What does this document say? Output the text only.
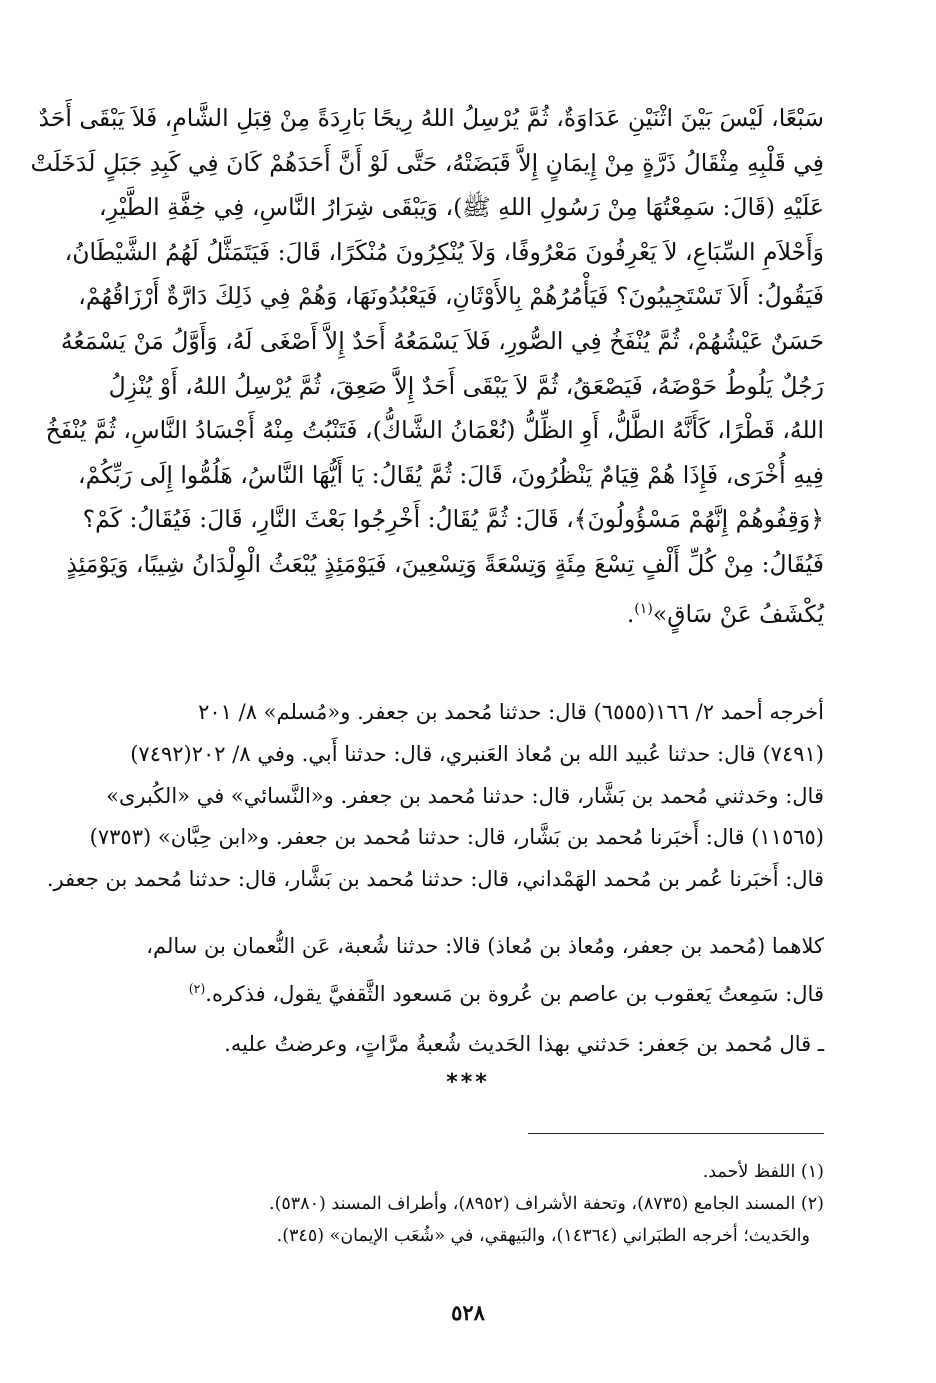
سَبْعًا، لَيْسَ بَيْنَ اثْنَيْنِ عَدَاوَةٌ، ثُمَّ يُرْسِلُ اللهُ رِيحًا بَارِدَةً مِنْ قِبَلِ الشَّامِ، فَلاَ يَبْقَى أَحَدٌ
فِي قَلْبِهِ مِثْقَالُ ذَرَّةٍ مِنْ إِيمَانٍ إِلاَّ قَبَضَتْهُ، حَتَّى لَوْ أَنَّ أَحَدَهُمْ كَانَ فِي كَبِدِ جَبَلٍ لَدَخَلَتْ
عَلَيْهِ (قَالَ: سَمِعْتُهَا مِنْ رَسُولِ اللهِ ﷺ)، وَيَبْقَى شِرَارُ النَّاسِ، فِي خِفَّةِ الطَّيْرِ،
وَأَحْلاَمِ السِّبَاعِ، لاَ يَعْرِفُونَ مَعْرُوفًا، وَلاَ يُنْكِرُونَ مُنْكَرًا، قَالَ: فَيَتَمَثَّلُ لَهُمُ الشَّيْطَانُ،
فَيَقُولُ: أَلاَ تَسْتَجِيبُونَ؟ فَيَأْمُرُهُمْ بِالأَوْثَانِ، فَيَعْبُدُونَهَا، وَهُمْ فِي ذَلِكَ دَارَّةٌ أَرْزَاقُهُمْ،
حَسَنٌ عَيْشُهُمْ، ثُمَّ يُنْفَخُ فِي الصُّورِ، فَلاَ يَسْمَعُهُ أَحَدٌ إِلاَّ أَصْغَى لَهُ، وَأَوَّلُ مَنْ يَسْمَعُهُ
رَجُلٌ يَلُوطُ حَوْضَهُ، فَيَصْعَقُ، ثُمَّ لاَ يَبْقَى أَحَدٌ إِلاَّ صَعِقَ، ثُمَّ يُرْسِلُ اللهُ، أَوْ يُنْزِلُ
اللهُ، قَطْرًا، كَأَنَّهُ الطَّلُّ، أَوِ الظِّلُّ (نُعْمَانُ الشَّاكُّ)، فَتَنْبُتُ مِنْهُ أَجْسَادُ النَّاسِ، ثُمَّ يُنْفَخُ
فِيهِ أُخْرَى، فَإِذَا هُمْ قِيَامٌ يَنْظُرُونَ، قَالَ: ثُمَّ يُقَالُ: يَا أَيُّهَا النَّاسُ، هَلُمُّوا إِلَى رَبِّكُمْ،
﴿وَقِفُوهُمْ إِنَّهُمْ مَسْؤُولُونَ﴾، قَالَ: ثُمَّ يُقَالُ: أَخْرِجُوا بَعْثَ النَّارِ، قَالَ: فَيُقَالُ: كَمْ؟
فَيُقَالُ: مِنْ كُلِّ أَلْفٍ تِسْعَ مِئَةٍ وَتِسْعَةً وَتِسْعِينَ، فَيَوْمَئِذٍ يُبْعَثُ الْوِلْدَانُ شِيبًا، وَيَوْمَئِذٍ
يُكْشَفُ عَنْ سَاقٍ»$^{(١)}$.
أخرجه أحمد ٢/ ١٦٦(٦٥٥٥) قال: حدثنا مُحمد بن جعفر. و«مُسلم» ٨/ ٢٠١
(٧٤٩١) قال: حدثنا عُبيد الله بن مُعاذ العَنبري، قال: حدثنا أَبي. وفي ٨/ ٢٠٢(٧٤٩٢)
قال: وحَدثني مُحمد بن بَشَّار، قال: حدثنا مُحمد بن جعفر. و«النَّسائي» في «الكُبرى»
(١١٥٦٥) قال: أَخبَرنا مُحمد بن بَشَّار، قال: حدثنا مُحمد بن جعفر. و«ابن حِبَّان» (٧٣٥٣)
قال: أَخبَرنا عُمر بن مُحمد الهَمْداني، قال: حدثنا مُحمد بن بَشَّار، قال: حدثنا مُحمد بن جعفر.
كلاهما (مُحمد بن جعفر، ومُعاذ بن مُعاذ) قالا: حدثنا شُعبة، عَن النُّعمان بن سالم،
قال: سَمِعتُ يَعقوب بن عاصم بن عُروة بن مَسعود الثَّقفيَّ يقول، فذكره.$^{(٢)}$
ـ قال مُحمد بن جَعفر: حَدثني بهذا الحَديث شُعبةُ مرَّاتٍ، وعرضتُ عليه.
***
(١) اللفظ لأحمد.
(٢) المسند الجامع (٨٧٣٥)، وتحفة الأشراف (٨٩٥٢)، وأطراف المسند (٥٣٨٠).
والحَديث؛ أخرجه الطبَراني (١٤٣٦٤)، والبَيهقي، في «شُعَب الإيمان» (٣٤٥).
٥٢٨
